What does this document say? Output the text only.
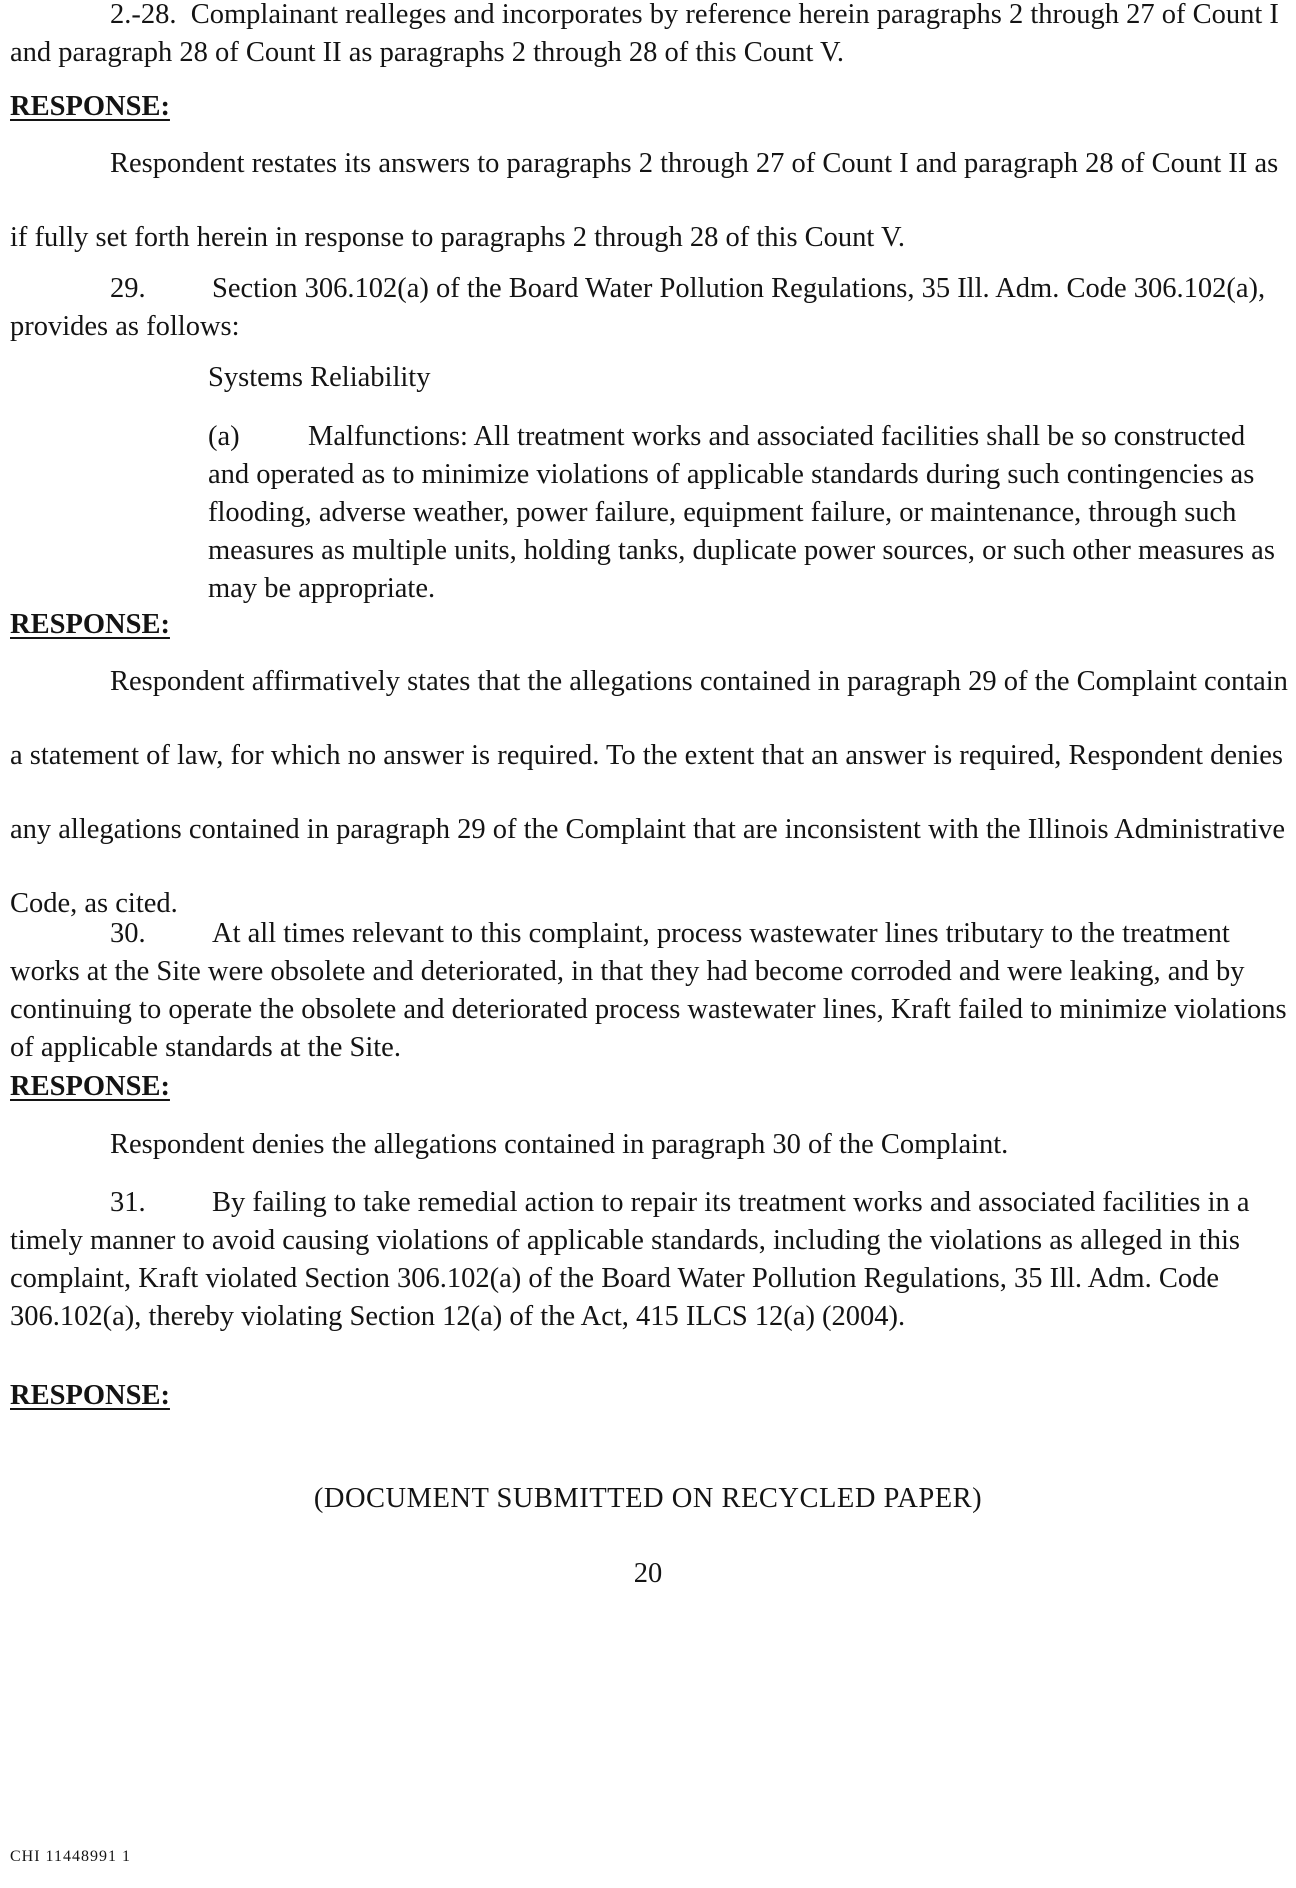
2.-28. Complainant realleges and incorporates by reference herein paragraphs 2 through 27 of Count I and paragraph 28 of Count II as paragraphs 2 through 28 of this Count V.

RESPONSE:

Respondent restates its answers to paragraphs 2 through 27 of Count I and paragraph 28 of Count II as if fully set forth herein in response to paragraphs 2 through 28 of this Count V.

29. Section 306.102(a) of the Board Water Pollution Regulations, 35 Ill. Adm. Code 306.102(a), provides as follows:

Systems Reliability

(a) Malfunctions: All treatment works and associated facilities shall be so constructed and operated as to minimize violations of applicable standards during such contingencies as flooding, adverse weather, power failure, equipment failure, or maintenance, through such measures as multiple units, holding tanks, duplicate power sources, or such other measures as may be appropriate.

RESPONSE:

Respondent affirmatively states that the allegations contained in paragraph 29 of the Complaint contain a statement of law, for which no answer is required. To the extent that an answer is required, Respondent denies any allegations contained in paragraph 29 of the Complaint that are inconsistent with the Illinois Administrative Code, as cited.

30. At all times relevant to this complaint, process wastewater lines tributary to the treatment works at the Site were obsolete and deteriorated, in that they had become corroded and were leaking, and by continuing to operate the obsolete and deteriorated process wastewater lines, Kraft failed to minimize violations of applicable standards at the Site.

RESPONSE:

Respondent denies the allegations contained in paragraph 30 of the Complaint.

31. By failing to take remedial action to repair its treatment works and associated facilities in a timely manner to avoid causing violations of applicable standards, including the violations as alleged in this complaint, Kraft violated Section 306.102(a) of the Board Water Pollution Regulations, 35 Ill. Adm. Code 306.102(a), thereby violating Section 12(a) of the Act, 415 ILCS 12(a) (2004).

RESPONSE:

(DOCUMENT SUBMITTED ON RECYCLED PAPER)

20

CHI 11448991 1
